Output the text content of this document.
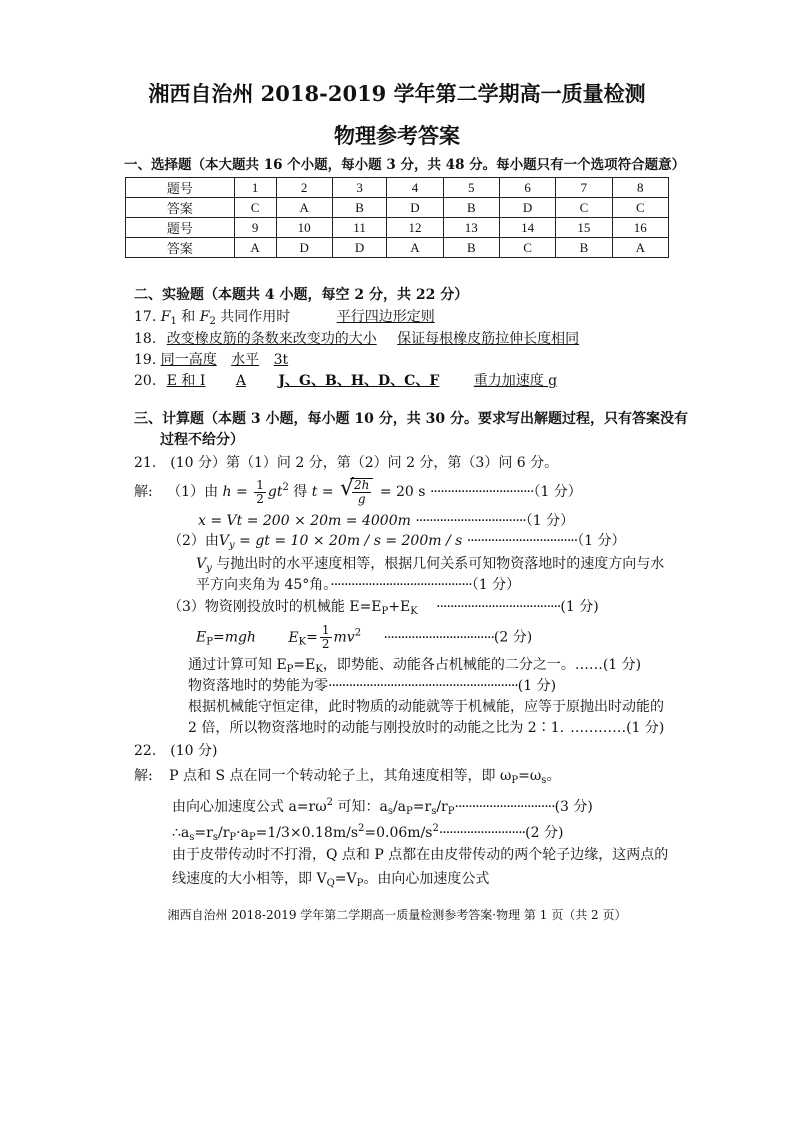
湘西自治州 2018-2019 学年第二学期高一质量检测
物理参考答案
一、选择题（本大题共 16 个小题，每小题 3 分，共 48 分。每小题只有一个选项符合题意）
题号	1	2	3	4	5	6	7	8
答案	C	A	B	D	B	D	C	C
题号	9	10	11	12	13	14	15	16
答案	A	D	D	A	B	C	B	A
二、实验题（本题共 4 小题，每空 2 分，共 22 分）
17. $F_1$ 和 $F_2$ 共同作用时	平行四边形定则
18. 改变橡皮筋的条数来改变功的大小 保证每根橡皮筋拉伸长度相同
19. 同一高度 水平 3t
20. E 和 I A J、G、B、H、D、C、F 重力加速度 g
三、计算题（本题 3 小题，每小题 10 分，共 30 分。要求写出解题过程，只有答案没有
过程不给分）
21.　(10 分）第（1）问 2 分，第（2）问 2 分，第（3）问 6 分。
解: （1）由 $h = \frac{1}{2} gt^2$ 得 t = √
$\frac{2h}{g} = 20$ s ······························（1 分）
x = Vt = 200 × 20m = 4000m ································（1 分）
（2）由$V_y$ = gt = 10 × 20m / s = 200m / s ································（1 分）
$V_y$ 与抛出时的水平速度相等，根据几何关系可知物资落地时的速度方向与水
平方向夹角为 45°角。·········································（1 分）
（3）物资刚投放时的机械能 $E=E_P+E_K \cdot\cdot\cdot\cdot\cdot\cdot\cdot\cdot\cdot\cdot\cdot\cdot\cdot\cdot\cdot\cdot\cdot\cdot\cdot\cdot\cdot\cdot\cdot\cdot\cdot\cdot\cdot\cdot\cdot\cdot\cdot\cdot\cdot\cdot\cdot\cdot(1$ 分)
$E_P=mgh$ $E_K= \frac{1}{2} mv^2 \cdot\cdot\cdot\cdot\cdot\cdot\cdot\cdot\cdot\cdot\cdot\cdot\cdot\cdot\cdot\cdot\cdot\cdot\cdot\cdot\cdot\cdot\cdot\cdot\cdot\cdot\cdot\cdot\cdot\cdot\cdot\cdot(2$ 分)
通过计算可知 $E_P=E_K$，即势能、动能各占机械能的二分之一。……(1 分)
物资落地时的势能为零·······················································(1 分)
根据机械能守恒定律，此时物质的动能就等于机械能，应等于原抛出时动能的
2 倍，所以物资落地时的动能与刚投放时的动能之比为 2∶1. …………(1 分)
22.　(10 分)
解: P 点和 S 点在同一个转动轮子上，其角速度相等，即 $\omega_P=\omega_s$。
由向心加速度公式 $a=r\omega^2$ 可知：$a_s/a_P=r_s/r_P\cdot\cdot\cdot\cdot\cdot\cdot\cdot\cdot\cdot\cdot\cdot\cdot\cdot\cdot\cdot\cdot\cdot\cdot\cdot\cdot\cdot\cdot\cdot\cdot\cdot\cdot\cdot\cdot\cdot(3$ 分)
$\therefore a_s=r_s/r_P\cdot a_P=1/3\times 0.18m/s^2=0.06m/s^2\cdot\cdot\cdot\cdot\cdot\cdot\cdot\cdot\cdot\cdot\cdot\cdot\cdot\cdot\cdot\cdot\cdot\cdot\cdot\cdot\cdot\cdot\cdot\cdot\cdot(2$ 分)
由于皮带传动时不打滑，Q 点和 P 点都在由皮带传动的两个轮子边缘，这两点的
线速度的大小相等，即 $V_Q=V_P$。由向心加速度公式
湘西自治州 2018-2019 学年第二学期高一质量检测参考答案·物理 第 1 页（共 2 页）
